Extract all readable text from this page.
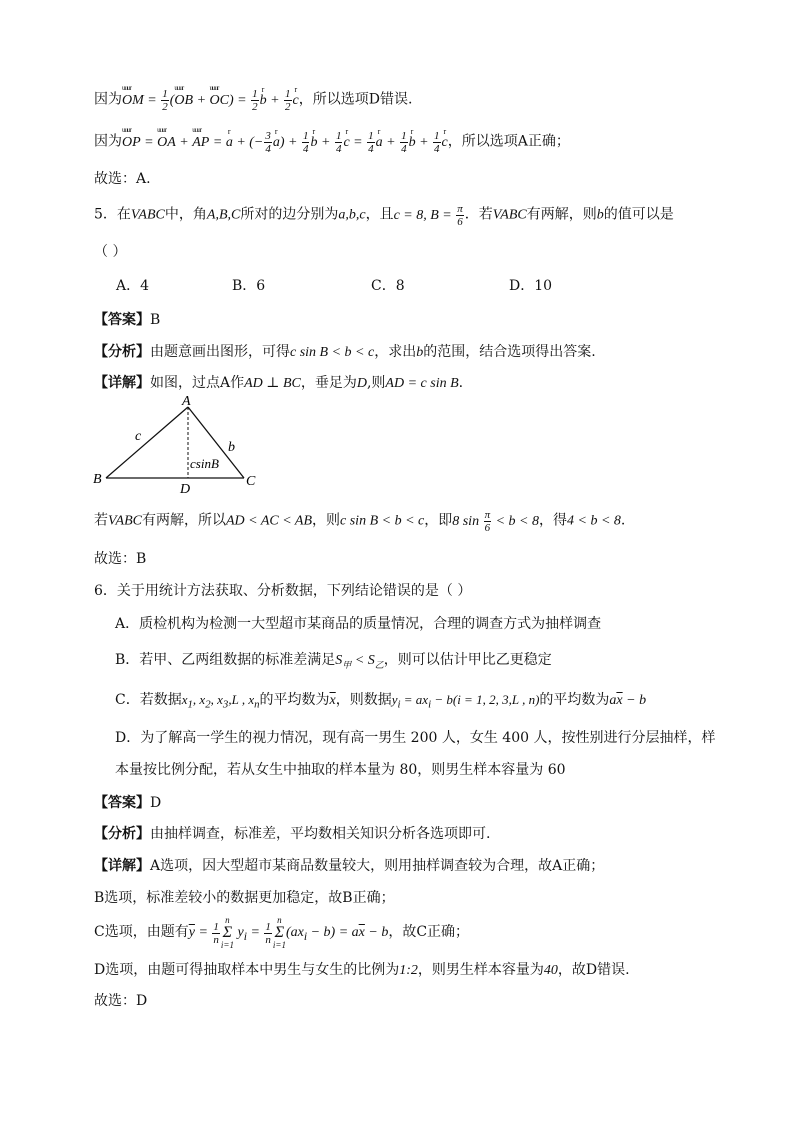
因为uuur OM = $\frac{1}{2}$ (uuur OB + uuur $OC) = \frac{1}{2}$ r $b + \frac{1}{2}$ r c，所以选项D错误.
因为uuur OP = uuur OA + uuur AP = r a + (− $\frac{3}{4}$ r $a) + \frac{1}{4}$ r $b + \frac{1}{4}$ r $c = \frac{1}{4}$ r $a + \frac{1}{4}$ r $b + \frac{1}{4}$ r c，所以选项A正确；
故选：A.
5．在VABC中，角A,B,C所对的边分别为a,b,c，且c = 8, $B = \frac{\pi}{6}$ ．若VABC有两解，则b的值可以是
（ ）
A．4	B．6	C．8	D．10
【答案】B
【分析】由题意画出图形，可得c sin B < b < c，求出b的范围，结合选项得出答案.
【详解】如图，过点A作AD ⊥ BC，垂足为D,则AD = c sin B.
A
B	C
D
c
b
csinB
若VABC有两解，所以AD < AC < AB，则c sin B < b < c，即8 $\sin \frac{\pi}{6} < b < 8$，得4 < b < 8.
故选：B
6．关于用统计方法获取、分析数据，下列结论错误的是（ ）
A．质检机构为检测一大型超市某商品的质量情况，合理的调查方式为抽样调查
B．若甲、乙两组数据的标准差满足$S_甲 < S_乙$，则可以估计甲比乙更稳定
C．若数据$x_1$, $x_2$, $x_3,L$ , $x_n$的平均数为$\overline{x}$，则数据$y_i = ax_i - b(i = 1$, 2, 3,L , n)的平均数为$a\overline{x} - b$
D．为了解高一学生的视力情况，现有高一男生 200 人，女生 400 人，按性别进行分层抽样，样
本量按比例分配，若从女生中抽取的样本量为 80，则男生样本容量为 60
【答案】D
【分析】由抽样调查，标准差，平均数相关知识分析各选项即可.
【详解】A选项，因大型超市某商品数量较大，则用抽样调查较为合理，故A正确；
B选项，标准差较小的数据更加稳定，故B正确；
C选项，由题有$\overline{y} = \frac{1}{n}$
n
Σ
i=1 $y_i = \frac{1}{n}$
n
Σ
$i=1(ax_i - b) = a\overline{x} - b$，故C正确；
D选项，由题可得抽取样本中男生与女生的比例为1:2，则男生样本容量为40，故D错误.
故选：D
